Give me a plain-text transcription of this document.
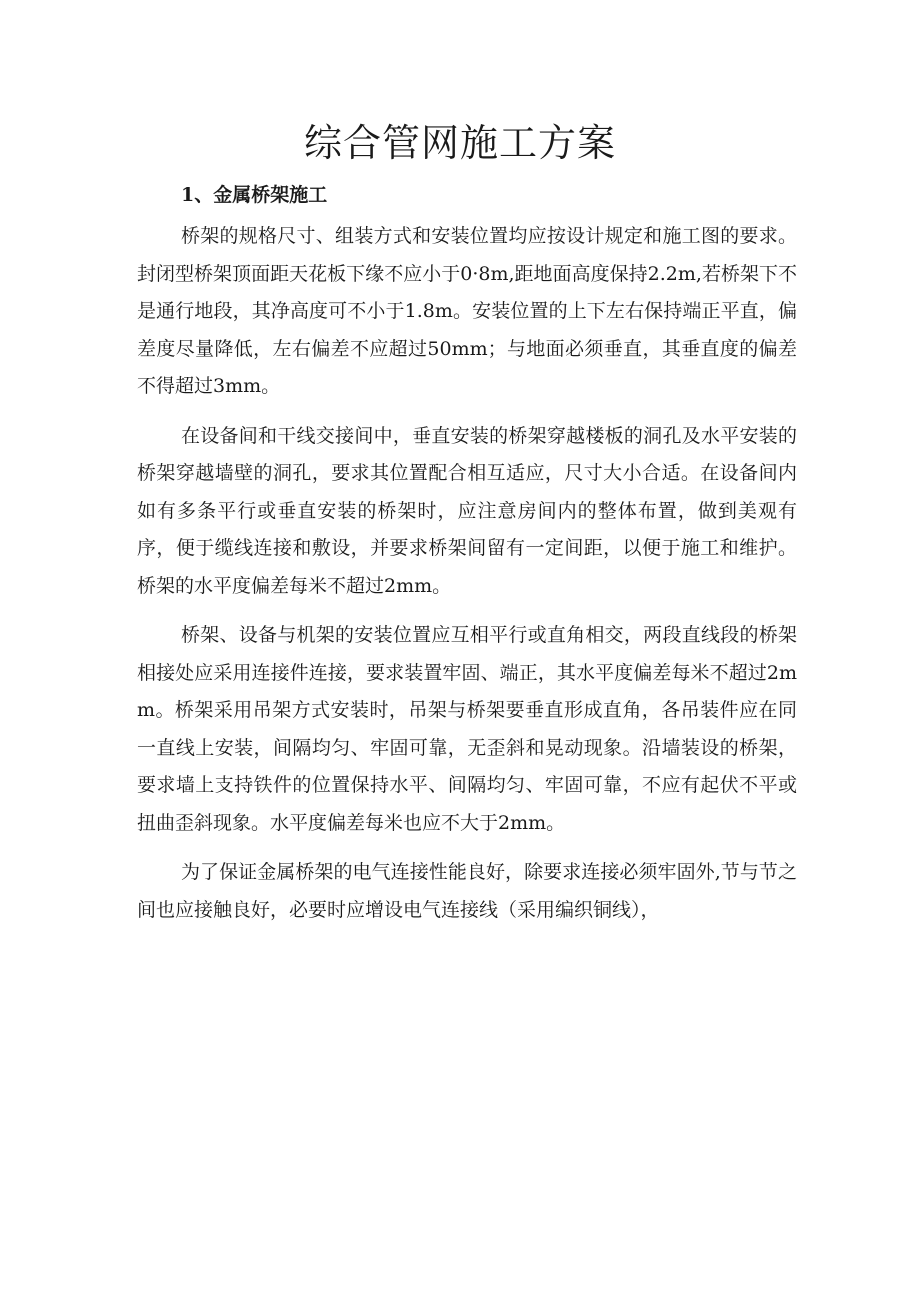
综合管网施工方案
1、金属桥架施工

桥架的规格尺寸、组装方式和安装位置均应按设计规定和施工图的要求。封闭型桥架顶面距天花板下缘不应小于0·8m,距地面高度保持2.2m,若桥架下不是通行地段，其净高度可不小于1.8m。安装位置的上下左右保持端正平直，偏差度尽量降低，左右偏差不应超过50mm；与地面必须垂直，其垂直度的偏差不得超过3mm。

在设备间和干线交接间中，垂直安装的桥架穿越楼板的洞孔及水平安装的桥架穿越墙壁的洞孔，要求其位置配合相互适应，尺寸大小合适。在设备间内如有多条平行或垂直安装的桥架时，应注意房间内的整体布置，做到美观有序，便于缆线连接和敷设，并要求桥架间留有一定间距，以便于施工和维护。桥架的水平度偏差每米不超过2mm。

桥架、设备与机架的安装位置应互相平行或直角相交，两段直线段的桥架相接处应采用连接件连接，要求装置牢固、端正，其水平度偏差每米不超过2mm。桥架采用吊架方式安装时，吊架与桥架要垂直形成直角，各吊装件应在同一直线上安装，间隔均匀、牢固可靠，无歪斜和晃动现象。沿墙装设的桥架，要求墙上支持铁件的位置保持水平、间隔均匀、牢固可靠，不应有起伏不平或扭曲歪斜现象。水平度偏差每米也应不大于2mm。

为了保证金属桥架的电气连接性能良好，除要求连接必须牢固外,节与节之间也应接触良好，必要时应增设电气连接线（采用编织铜线），
